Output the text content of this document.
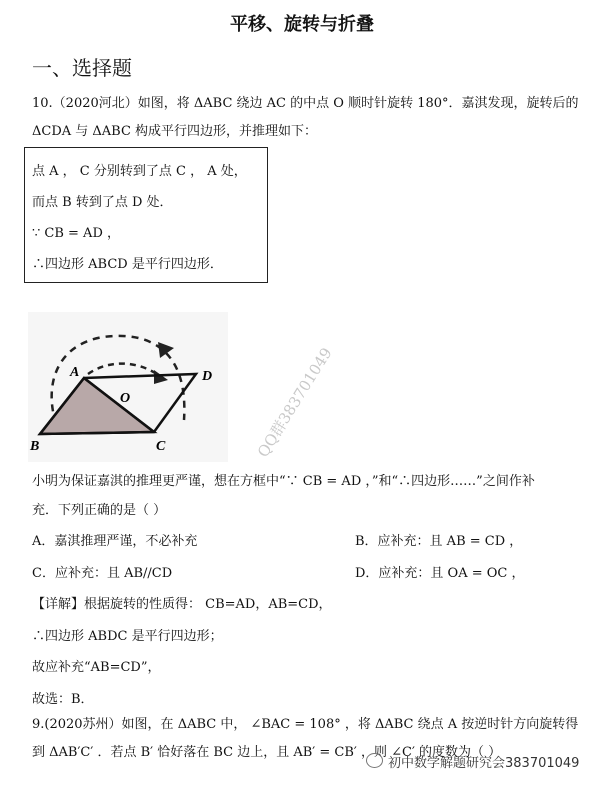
平移、旋转与折叠
一、选择题
10.（2020河北）如图，将 ΔABC 绕边 AC 的中点 O 顺时针旋转 180°．嘉淇发现，旋转后的
ΔCDA 与 ΔABC 构成平行四边形，并推理如下：
点 A ， C 分别转到了点 C ， A 处，
而点 B 转到了点 D 处．
∵ CB = AD ，
∴四边形 ABCD 是平行四边形．
A
B	C
D
O	QQ群383701049
小明为保证嘉淇的推理更严谨，想在方框中“∵ CB = AD ，”和“∴四边形……”之间作补
充．下列正确的是（ ）
A．嘉淇推理严谨，不必补充	B．应补充：且 AB = CD ，
C．应补充：且 AB//CD	D．应补充：且 OA = OC ，
【详解】根据旋转的性质得： CB=AD，AB=CD，
∴四边形 ABDC 是平行四边形；
故应补充“AB=CD”，
故选：B．
9.(2020苏州）如图，在 ΔABC 中， ∠BAC = 108° ，将 ΔABC 绕点 A 按逆时针方向旋转得
到 ΔAB′C′ ．若点 B′ 恰好落在 BC 边上，且 AB′ = CB′ ，则 ∠C′ 的度数为（ ）
初中数学解题研究会383701049
